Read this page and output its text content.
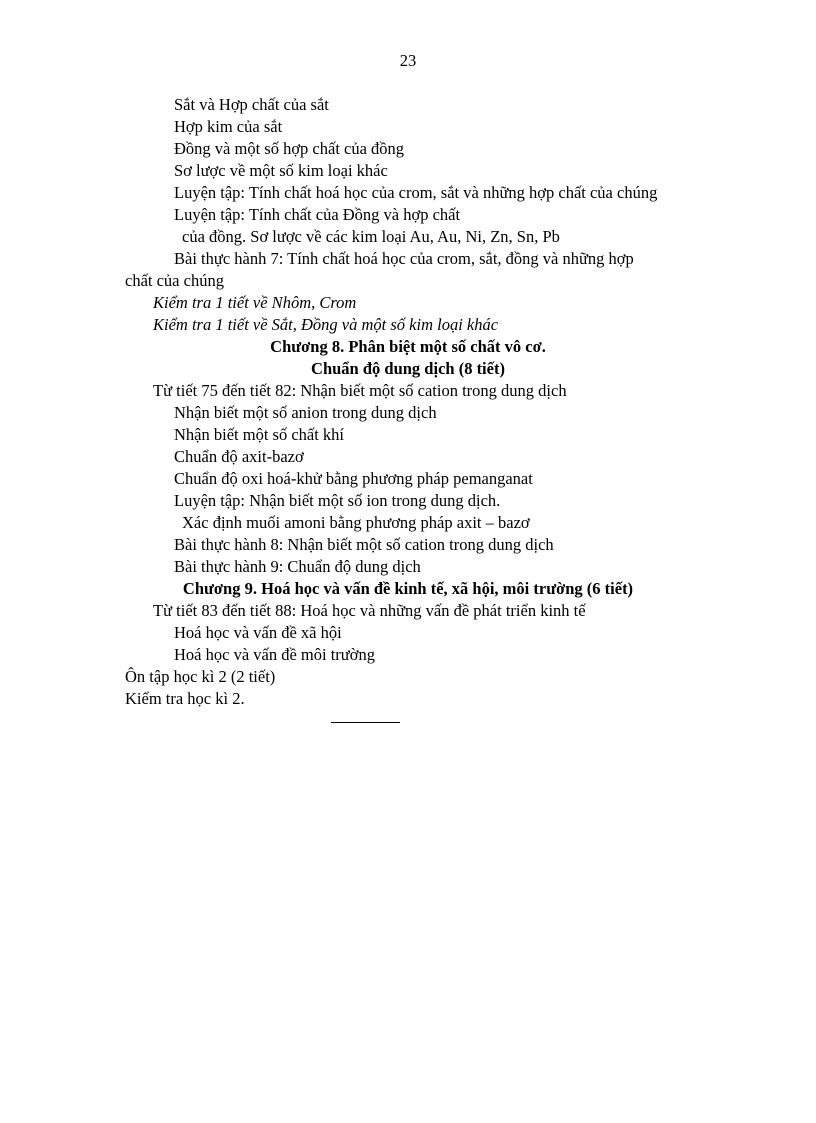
23
Sắt và Hợp chất của sắt
Hợp kim của sắt
Đồng và một số hợp chất của đồng
Sơ lược về một số kim loại khác
Luyện tập: Tính chất hoá học của crom, sắt và những hợp chất của chúng
Luyện tập: Tính chất của Đồng và hợp chất
của đồng. Sơ lược về các kim loại Au, Au, Ni, Zn, Sn, Pb
Bài thực hành 7: Tính chất hoá học của crom, sắt, đồng và những hợp
chất của chúng
Kiểm tra 1 tiết về Nhôm, Crom
Kiểm tra 1 tiết về Sắt, Đồng và một số kim loại khác
Chương 8. Phân biệt một số chất vô cơ.
Chuẩn độ dung dịch (8 tiết)
Từ tiết 75 đến tiết 82: Nhận biết một số cation trong dung dịch
Nhận biết một số anion trong dung dịch
Nhận biết một số chất khí
Chuẩn độ axit-bazơ
Chuẩn độ oxi hoá-khử bằng phương pháp pemanganat
Luyện tập: Nhận biết một số ion trong dung dịch.
Xác định muối amoni bằng phương pháp axit – bazơ
Bài thực hành 8: Nhận biết một số cation trong dung dịch
Bài thực hành 9: Chuẩn độ dung dịch
Chương 9. Hoá học và vấn đề kinh tế, xã hội, môi trường (6 tiết)
Từ tiết 83 đến tiết 88: Hoá học và những vấn đề phát triển kinh tế
Hoá học và vấn đề xã hội
Hoá học và vấn đề môi trường
Ôn tập học kì 2 (2 tiết)
Kiểm tra học kì 2.
